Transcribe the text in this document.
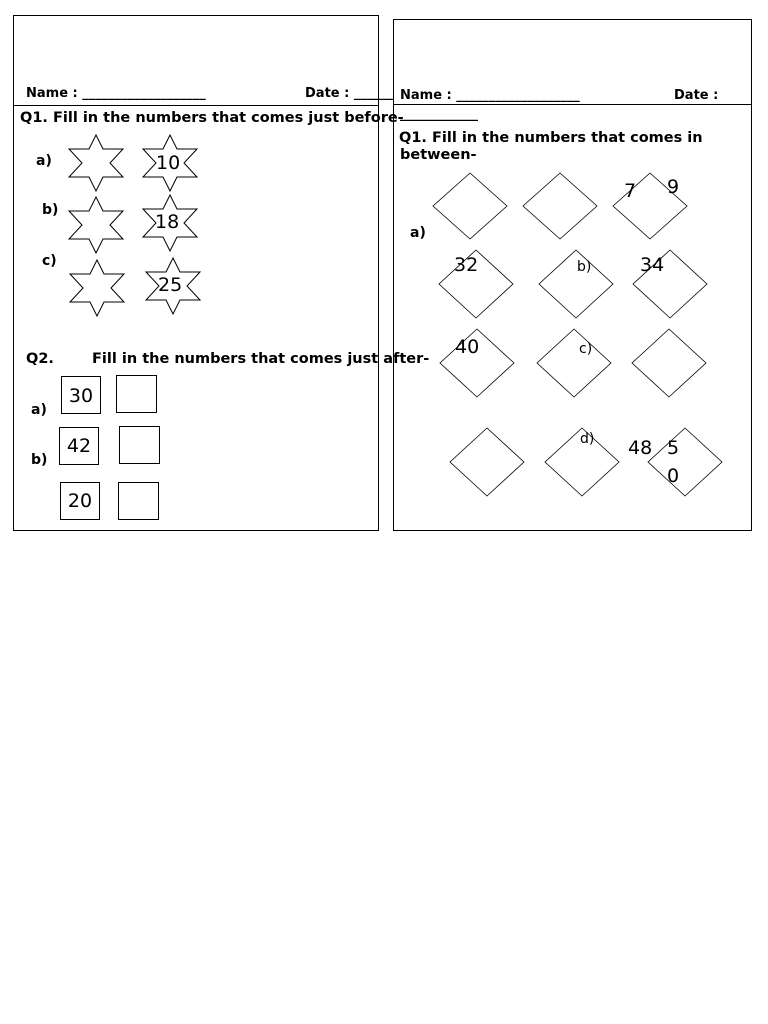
Name : ___________________	Date : ______
Q1. Fill in the numbers that comes just before-
a)	10
b)
18
c)
25
Q2.	Fill in the numbers that comes just after-
a)
b)
30
42
20
Name : ___________________	Date :
____________
Q1. Fill in the numbers that comes in
between-
a)
7 9
32	b)	34
40	c)
d) 48 5
0
